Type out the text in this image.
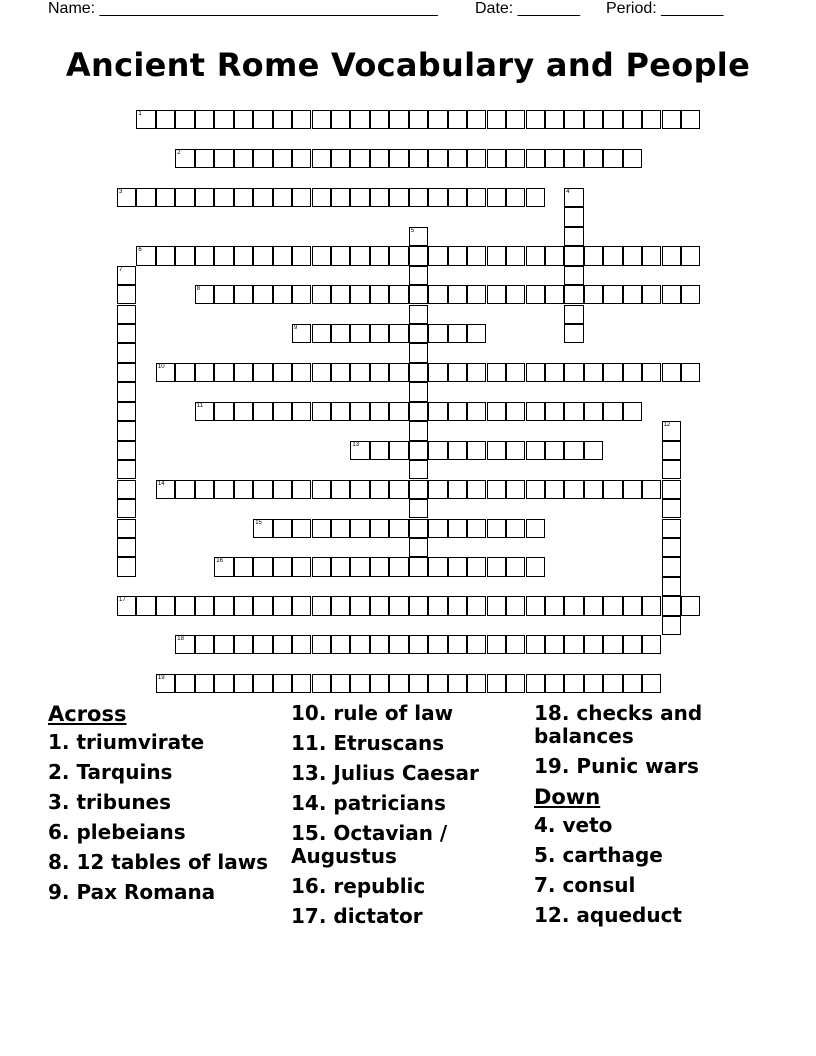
Name: ______________________________________ Date: _______ Period: _______
Ancient Rome Vocabulary and People
1
2
3
6
8
9
10
11
13
14
15
16
17
18
19
4
5
7
12
Across
1. triumvirate
2. Tarquins
3. tribunes
6. plebeians
8. 12 tables of laws
9. Pax Romana
10. rule of law
11. Etruscans
13. Julius Caesar
14. patricians
15. Octavian / Augustus
16. republic
17. dictator
18. checks and balances
19. Punic wars
Down
4. veto
5. carthage
7. consul
12. aqueduct
